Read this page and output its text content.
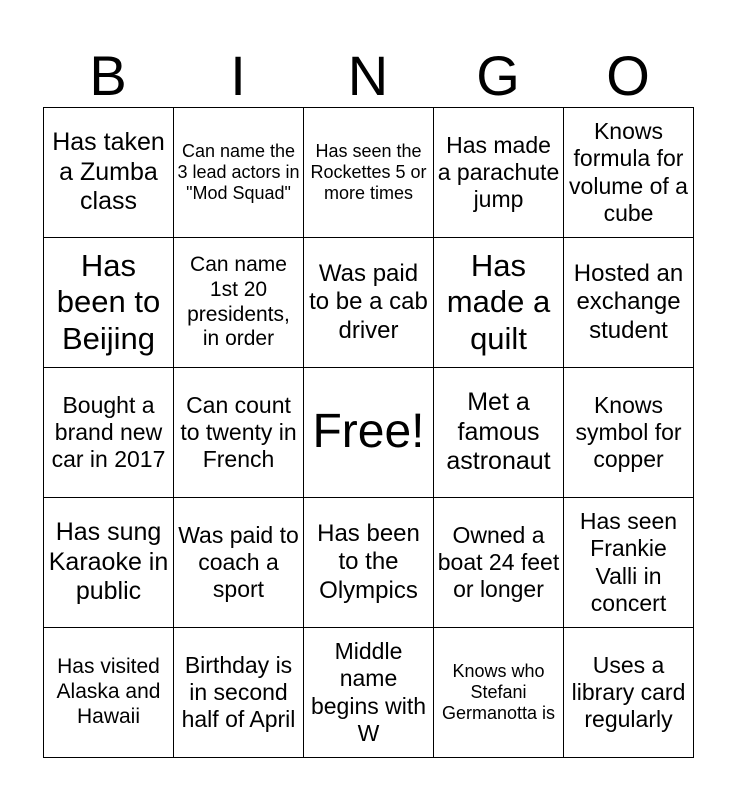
B	I	N	G	O
Has taken a Zumba class	Can name the 3 lead actors in "Mod Squad"	Has seen the Rockettes 5 or more times	Has made a parachute jump	Knows formula for volume of a cube
Has been to Beijing	Can name 1st 20 presidents, in order	Was paid to be a cab driver	Has made a quilt	Hosted an exchange student
Bought a brand new car in 2017	Can count to twenty in French	Free!	Met a famous astronaut	Knows symbol for copper
Has sung Karaoke in public	Was paid to coach a sport	Has been to the Olympics	Owned a boat 24 feet or longer	Has seen Frankie Valli in concert
Has visited Alaska and Hawaii	Birthday is in second half of April	Middle name begins with W	Knows who Stefani Germanotta is	Uses a library card regularly
